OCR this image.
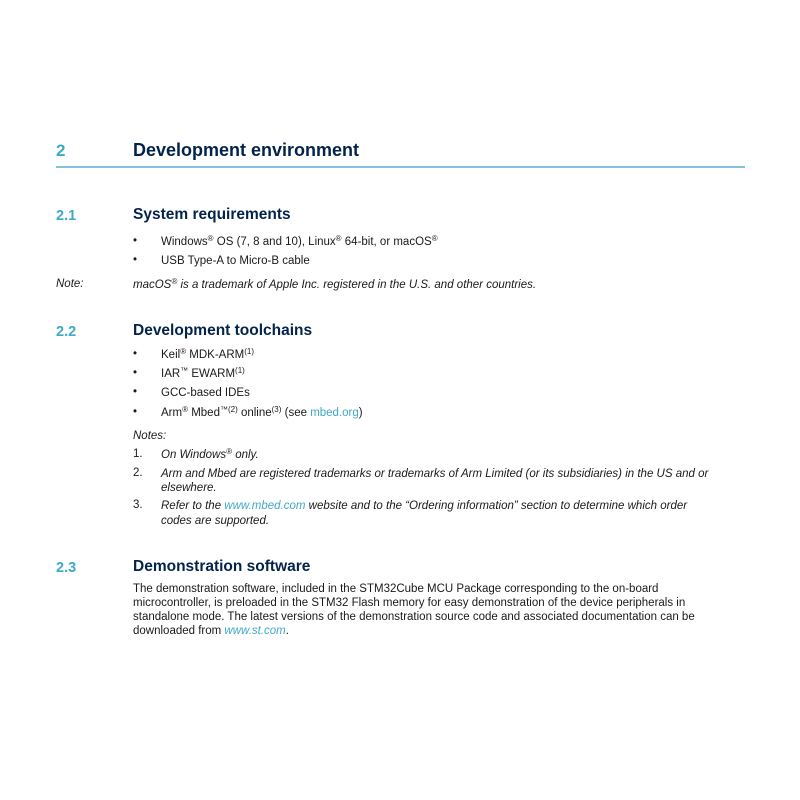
2	Development environment
2.1	System requirements
• Windows® OS (7, 8 and 10), Linux® 64-bit, or macOS®
• USB Type-A to Micro-B cable
Note:	macOS® is a trademark of Apple Inc. registered in the U.S. and other countries.
2.2	Development toolchains
• Keil® MDK-ARM$^{(1)}$
• IAR™ EWARM$^{(1)}$
• GCC-based IDEs
• Arm® Mbed$^{™(2)}$ online$^{(3)}$ (see mbed.org)
Notes:
1. On Windows® only.
2. Arm and Mbed are registered trademarks or trademarks of Arm Limited (or its subsidiaries) in the US and or
elsewhere.
3. Refer to the www.mbed.com website and to the “Ordering information” section to determine which order
codes are supported.
2.3	Demonstration software
The demonstration software, included in the STM32Cube MCU Package corresponding to the on-board
microcontroller, is preloaded in the STM32 Flash memory for easy demonstration of the device peripherals in
standalone mode. The latest versions of the demonstration source code and associated documentation can be
downloaded from www.st.com.
